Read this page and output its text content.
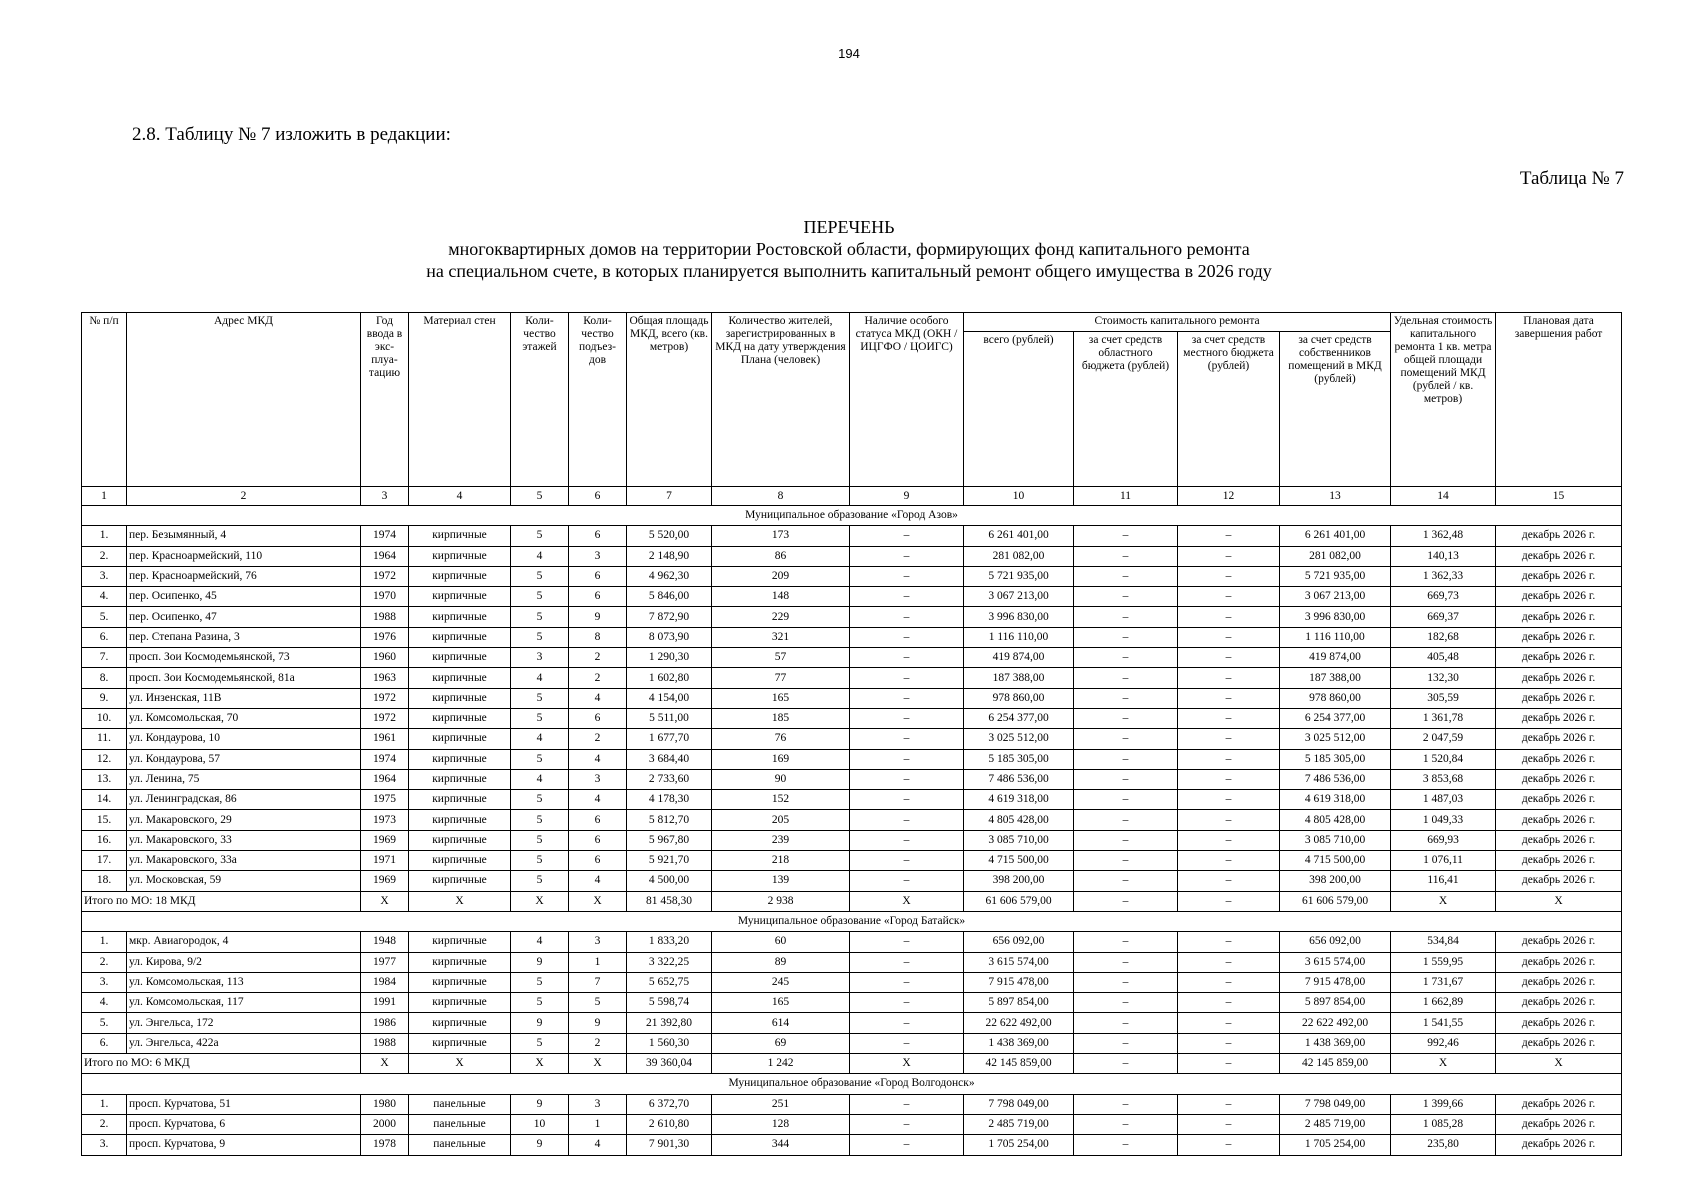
194
2.8. Таблицу № 7 изложить в редакции:
Таблица № 7
ПЕРЕЧЕНЬ
многоквартирных домов на территории Ростовской области, формирующих фонд капитального ремонта
на специальном счете, в которых планируется выполнить капитальный ремонт общего имущества в 2026 году
№ п/п	Адрес МКД	Год ввода в экс- плуа- тацию	Материал стен	Коли- чество этажей	Коли- чество подъез- дов	Общая площадь МКД, всего (кв. метров)	Количество жителей, зарегистрированных в МКД на дату утверждения Плана (человек)	Наличие особого статуса МКД (ОКН / ИЦГФО / ЦОИГС)	Стоимость капитального ремонта				Удельная стоимость капитального ремонта 1 кв. метра общей площади помещений МКД (рублей / кв. метров)	Плановая дата завершения работ
									всего (рублей)	за счет средств областного бюджета (рублей)	за счет средств местного бюджета (рублей)	за счет средств собственников помещений в МКД (рублей)		
1	2	3	4	5	6	7	8	9	10	11	12	13	14	15
Муниципальное образование «Город Азов»														
1.	пер. Безымянный, 4	1974	кирпичные	5	6	5 520,00	173	–	6 261 401,00	–	–	6 261 401,00	1 362,48	декабрь 2026 г.
2.	пер. Красноармейский, 110	1964	кирпичные	4	3	2 148,90	86	–	281 082,00	–	–	281 082,00	140,13	декабрь 2026 г.
3.	пер. Красноармейский, 76	1972	кирпичные	5	6	4 962,30	209	–	5 721 935,00	–	–	5 721 935,00	1 362,33	декабрь 2026 г.
4.	пер. Осипенко, 45	1970	кирпичные	5	6	5 846,00	148	–	3 067 213,00	–	–	3 067 213,00	669,73	декабрь 2026 г.
5.	пер. Осипенко, 47	1988	кирпичные	5	9	7 872,90	229	–	3 996 830,00	–	–	3 996 830,00	669,37	декабрь 2026 г.
6.	пер. Степана Разина, 3	1976	кирпичные	5	8	8 073,90	321	–	1 116 110,00	–	–	1 116 110,00	182,68	декабрь 2026 г.
7.	просп. Зои Космодемьянской, 73	1960	кирпичные	3	2	1 290,30	57	–	419 874,00	–	–	419 874,00	405,48	декабрь 2026 г.
8.	просп. Зои Космодемьянской, 81а	1963	кирпичные	4	2	1 602,80	77	–	187 388,00	–	–	187 388,00	132,30	декабрь 2026 г.
9.	ул. Инзенская, 11В	1972	кирпичные	5	4	4 154,00	165	–	978 860,00	–	–	978 860,00	305,59	декабрь 2026 г.
10.	ул. Комсомольская, 70	1972	кирпичные	5	6	5 511,00	185	–	6 254 377,00	–	–	6 254 377,00	1 361,78	декабрь 2026 г.
11.	ул. Кондаурова, 10	1961	кирпичные	4	2	1 677,70	76	–	3 025 512,00	–	–	3 025 512,00	2 047,59	декабрь 2026 г.
12.	ул. Кондаурова, 57	1974	кирпичные	5	4	3 684,40	169	–	5 185 305,00	–	–	5 185 305,00	1 520,84	декабрь 2026 г.
13.	ул. Ленина, 75	1964	кирпичные	4	3	2 733,60	90	–	7 486 536,00	–	–	7 486 536,00	3 853,68	декабрь 2026 г.
14.	ул. Ленинградская, 86	1975	кирпичные	5	4	4 178,30	152	–	4 619 318,00	–	–	4 619 318,00	1 487,03	декабрь 2026 г.
15.	ул. Макаровского, 29	1973	кирпичные	5	6	5 812,70	205	–	4 805 428,00	–	–	4 805 428,00	1 049,33	декабрь 2026 г.
16.	ул. Макаровского, 33	1969	кирпичные	5	6	5 967,80	239	–	3 085 710,00	–	–	3 085 710,00	669,93	декабрь 2026 г.
17.	ул. Макаровского, 33а	1971	кирпичные	5	6	5 921,70	218	–	4 715 500,00	–	–	4 715 500,00	1 076,11	декабрь 2026 г.
18.	ул. Московская, 59	1969	кирпичные	5	4	4 500,00	139	–	398 200,00	–	–	398 200,00	116,41	декабрь 2026 г.
Итого по МО: 18 МКД		X	X	X	X	81 458,30	2 938	X	61 606 579,00	–	–	61 606 579,00	X	X
Муниципальное образование «Город Батайск»														
1.	мкр. Авиагородок, 4	1948	кирпичные	4	3	1 833,20	60	–	656 092,00	–	–	656 092,00	534,84	декабрь 2026 г.
2.	ул. Кирова, 9/2	1977	кирпичные	9	1	3 322,25	89	–	3 615 574,00	–	–	3 615 574,00	1 559,95	декабрь 2026 г.
3.	ул. Комсомольская, 113	1984	кирпичные	5	7	5 652,75	245	–	7 915 478,00	–	–	7 915 478,00	1 731,67	декабрь 2026 г.
4.	ул. Комсомольская, 117	1991	кирпичные	5	5	5 598,74	165	–	5 897 854,00	–	–	5 897 854,00	1 662,89	декабрь 2026 г.
5.	ул. Энгельса, 172	1986	кирпичные	9	9	21 392,80	614	–	22 622 492,00	–	–	22 622 492,00	1 541,55	декабрь 2026 г.
6.	ул. Энгельса, 422а	1988	кирпичные	5	2	1 560,30	69	–	1 438 369,00	–	–	1 438 369,00	992,46	декабрь 2026 г.
Итого по МО: 6 МКД		X	X	X	X	39 360,04	1 242	X	42 145 859,00	–	–	42 145 859,00	X	X
Муниципальное образование «Город Волгодонск»														
1.	просп. Курчатова, 51	1980	панельные	9	3	6 372,70	251	–	7 798 049,00	–	–	7 798 049,00	1 399,66	декабрь 2026 г.
2.	просп. Курчатова, 6	2000	панельные	10	1	2 610,80	128	–	2 485 719,00	–	–	2 485 719,00	1 085,28	декабрь 2026 г.
3.	просп. Курчатова, 9	1978	панельные	9	4	7 901,30	344	–	1 705 254,00	–	–	1 705 254,00	235,80	декабрь 2026 г.
